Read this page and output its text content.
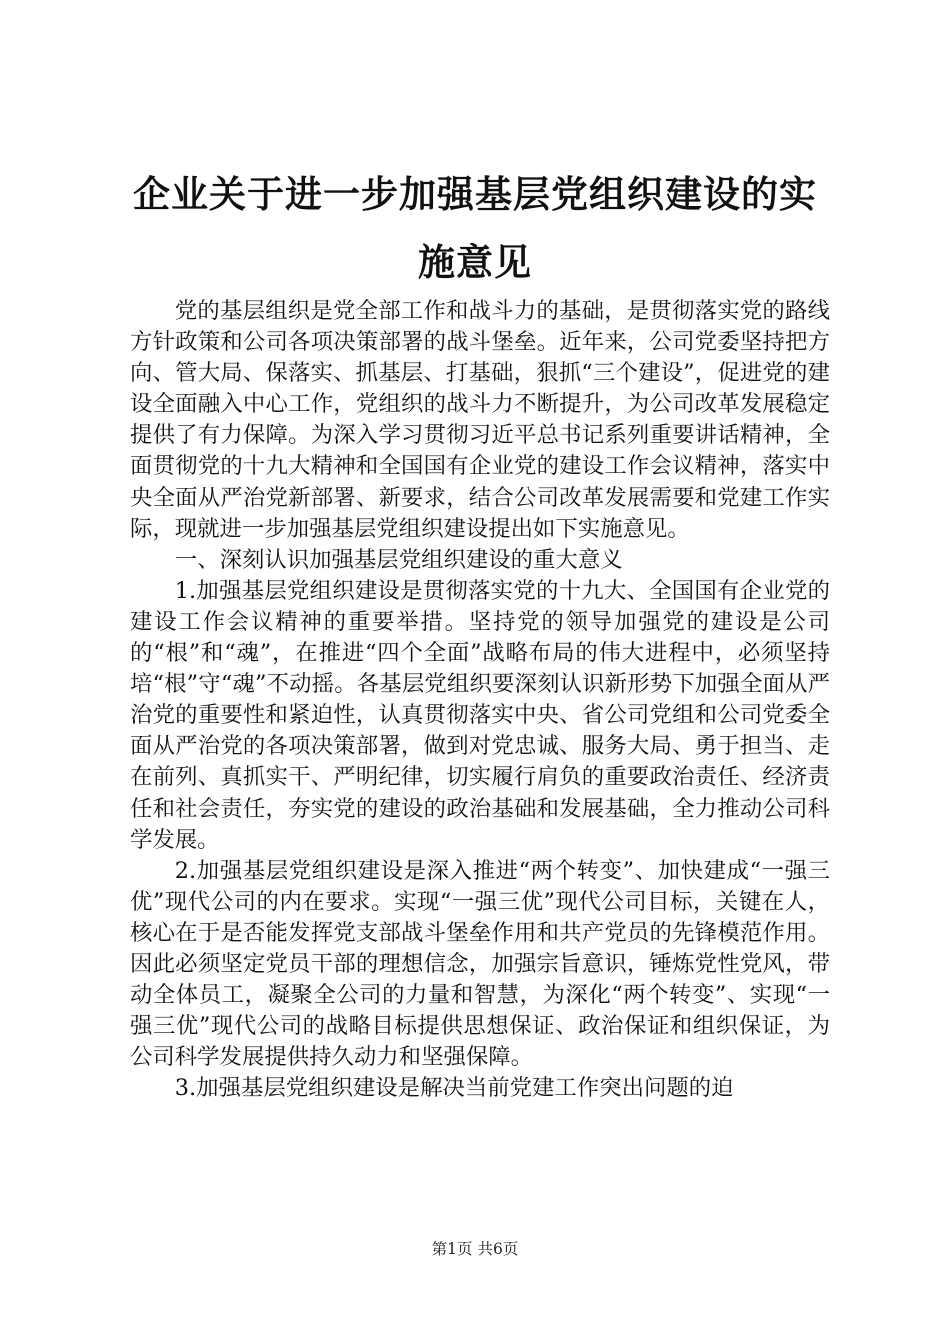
企业关于进一步加强基层党组织建设的实施意见

党的基层组织是党全部工作和战斗力的基础，是贯彻落实党的路线方针政策和公司各项决策部署的战斗堡垒。近年来，公司党委坚持把方向、管大局、保落实、抓基层、打基础，狠抓“三个建设”，促进党的建设全面融入中心工作，党组织的战斗力不断提升，为公司改革发展稳定提供了有力保障。为深入学习贯彻习近平总书记系列重要讲话精神，全面贯彻党的十九大精神和全国国有企业党的建设工作会议精神，落实中央全面从严治党新部署、新要求，结合公司改革发展需要和党建工作实际，现就进一步加强基层党组织建设提出如下实施意见。

一、深刻认识加强基层党组织建设的重大意义

1.加强基层党组织建设是贯彻落实党的十九大、全国国有企业党的建设工作会议精神的重要举措。坚持党的领导加强党的建设是公司的“根”和“魂”，在推进“四个全面”战略布局的伟大进程中，必须坚持培“根”守“魂”不动摇。各基层党组织要深刻认识新形势下加强全面从严治党的重要性和紧迫性，认真贯彻落实中央、省公司党组和公司党委全面从严治党的各项决策部署，做到对党忠诚、服务大局、勇于担当、走在前列、真抓实干、严明纪律，切实履行肩负的重要政治责任、经济责任和社会责任，夯实党的建设的政治基础和发展基础，全力推动公司科学发展。

2.加强基层党组织建设是深入推进“两个转变”、加快建成“一强三优”现代公司的内在要求。实现“一强三优”现代公司目标，关键在人，核心在于是否能发挥党支部战斗堡垒作用和共产党员的先锋模范作用。因此必须坚定党员干部的理想信念，加强宗旨意识，锤炼党性党风，带动全体员工，凝聚全公司的力量和智慧，为深化“两个转变”、实现“一强三优”现代公司的战略目标提供思想保证、政治保证和组织保证，为公司科学发展提供持久动力和坚强保障。

3.加强基层党组织建设是解决当前党建工作突出问题的迫

第1页 共6页
